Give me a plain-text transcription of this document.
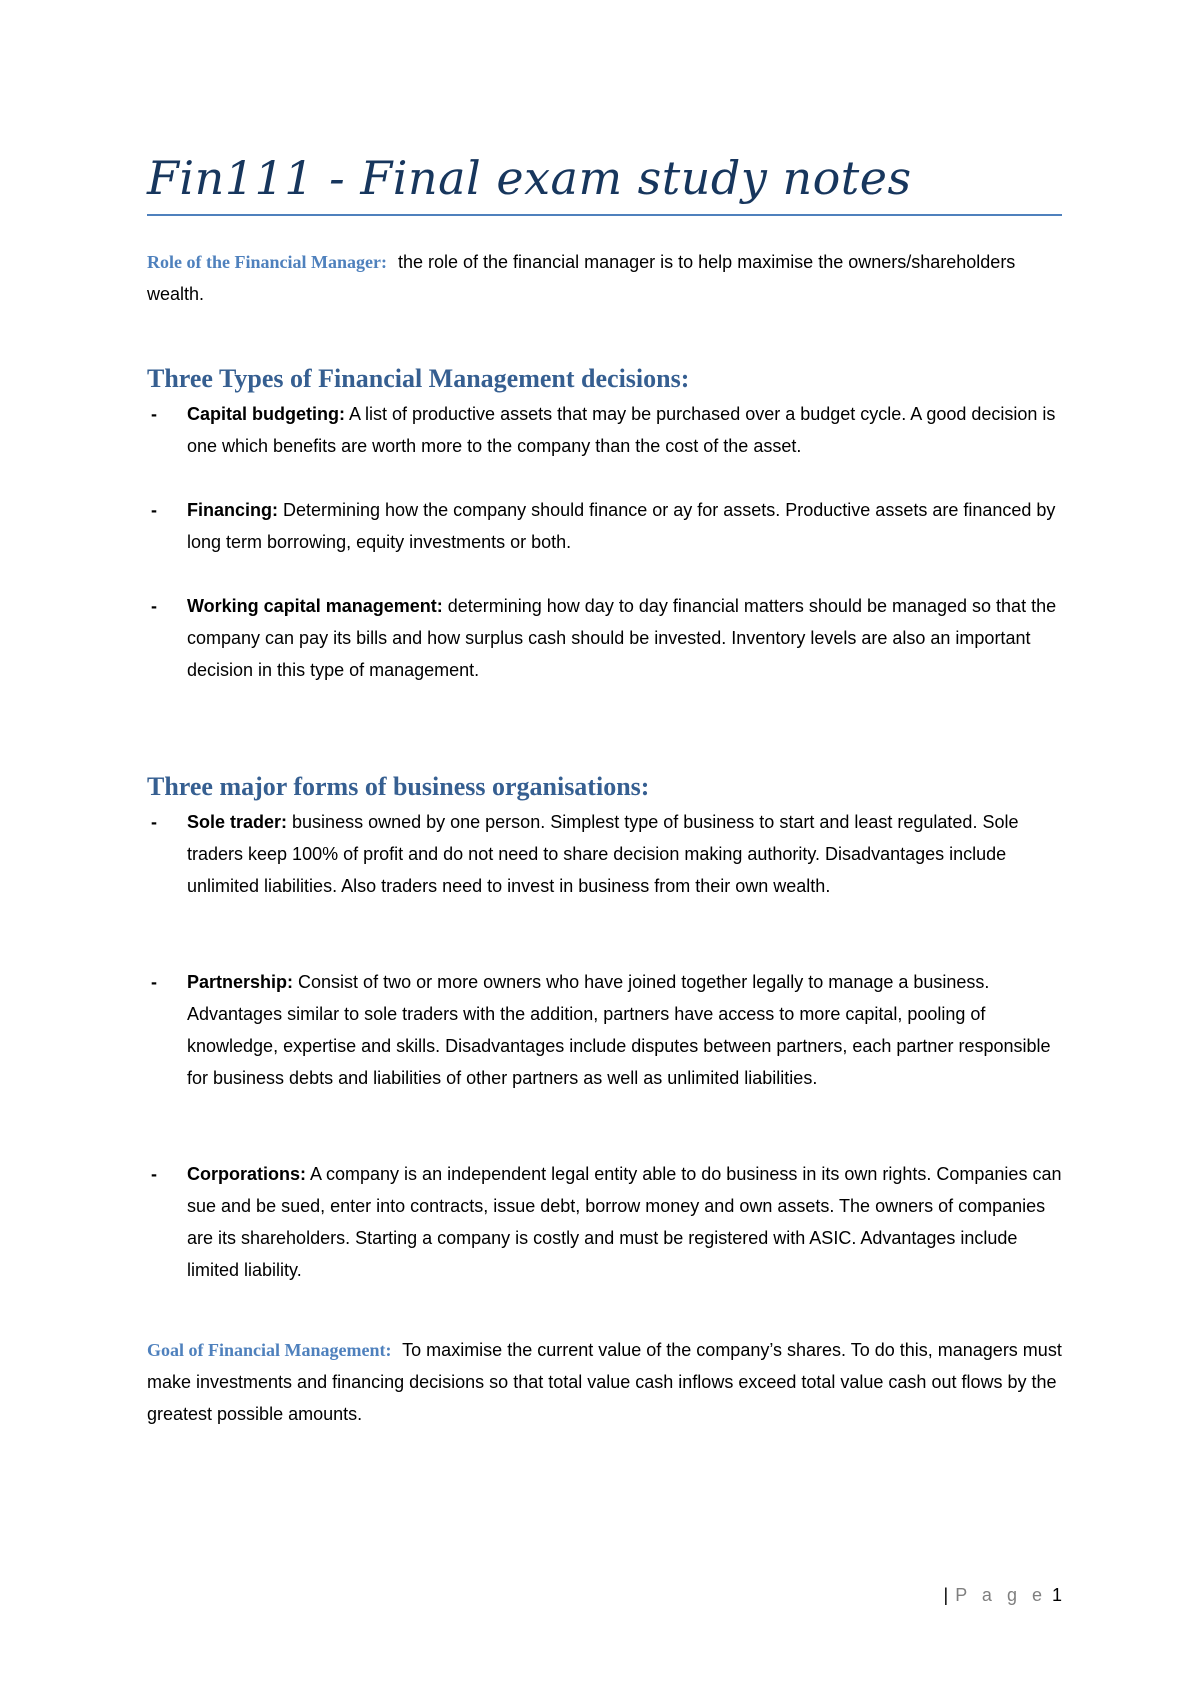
Fin111 - Final exam study notes
Role of the Financial Manager: the role of the financial manager is to help maximise the owners/shareholders wealth.
Three Types of Financial Management decisions:
- Capital budgeting: A list of productive assets that may be purchased over a budget cycle. A good decision is one which benefits are worth more to the company than the cost of the asset.
- Financing: Determining how the company should finance or ay for assets. Productive assets are financed by long term borrowing, equity investments or both.
- Working capital management: determining how day to day financial matters should be managed so that the company can pay its bills and how surplus cash should be invested. Inventory levels are also an important decision in this type of management.
Three major forms of business organisations:
- Sole trader: business owned by one person. Simplest type of business to start and least regulated. Sole traders keep 100% of profit and do not need to share decision making authority. Disadvantages include unlimited liabilities. Also traders need to invest in business from their own wealth.
- Partnership: Consist of two or more owners who have joined together legally to manage a business. Advantages similar to sole traders with the addition, partners have access to more capital, pooling of knowledge, expertise and skills. Disadvantages include disputes between partners, each partner responsible for business debts and liabilities of other partners as well as unlimited liabilities.
- Corporations: A company is an independent legal entity able to do business in its own rights. Companies can sue and be sued, enter into contracts, issue debt, borrow money and own assets. The owners of companies are its shareholders. Starting a company is costly and must be registered with ASIC. Advantages include limited liability.
Goal of Financial Management: To maximise the current value of the company’s shares. To do this, managers must make investments and financing decisions so that total value cash inflows exceed total value cash out flows by the greatest possible amounts.
| P a g e 1
